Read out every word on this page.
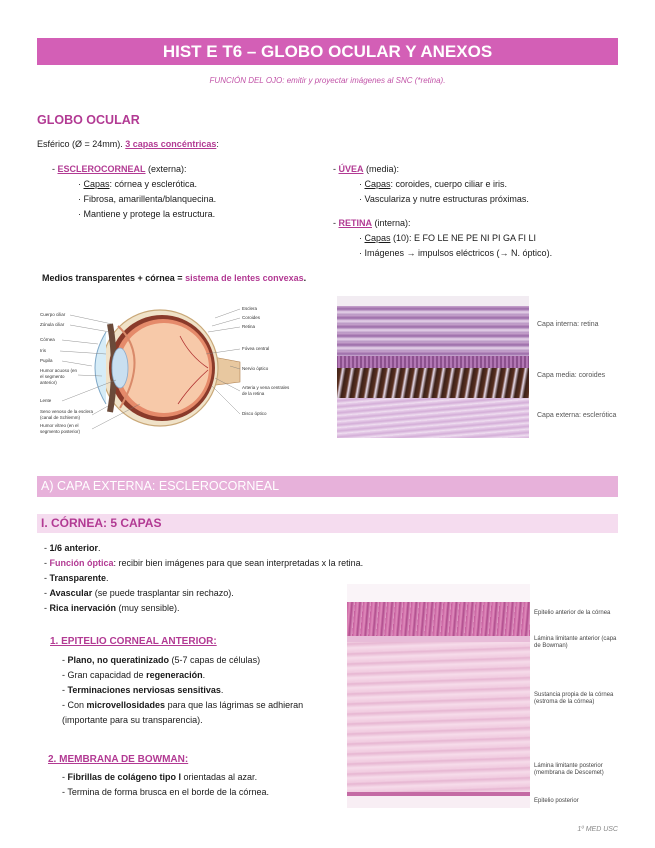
HIST E T6 – GLOBO OCULAR Y ANEXOS
FUNCIÓN DEL OJO: emitir y proyectar imágenes al SNC (*retina).
GLOBO OCULAR
Esférico (Ø = 24mm). 3 capas concéntricas:
- ESCLEROCORNEAL (externa):
· Capas: córnea y esclerótica.
· Fibrosa, amarillenta/blanquecina.
· Mantiene y protege la estructura.
- ÚVEA (media):
· Capas: coroides, cuerpo ciliar e iris.
· Vasculariza y nutre estructuras próximas.
- RETINA (interna):
· Capas (10): E FO LE NE PE NI PI GA FI LI
· Imágenes → impulsos eléctricos (→ N. óptico).
Medios transparentes + córnea = sistema de lentes convexas.
Cuerpo ciliar
Zónula ciliar
Córnea
Iris
Pupila
Humor acuoso (en el segmento anterior)
Lente
Seno venoso de la esclera (canal de Schlemm)
Humor vítreo (en el segmento posterior)
Esclera
Coroides
Retina
Fóvea central
Nervio óptico
Arteria y vena centrales de la retina
Disco óptico
Capa interna: retina
Capa media: coroides
Capa externa: esclerótica
A) CAPA EXTERNA: ESCLEROCORNEAL
I. CÓRNEA: 5 CAPAS
- 1/6 anterior.
- Función óptica: recibir bien imágenes para que sean interpretadas x la retina.
- Transparente.
- Avascular (se puede trasplantar sin rechazo).
- Rica inervación (muy sensible).
1. EPITELIO CORNEAL ANTERIOR:
- Plano, no queratinizado (5-7 capas de células)
- Gran capacidad de regeneración.
- Terminaciones nerviosas sensitivas.
- Con microvellosidades para que las lágrimas se adhieran
(importante para su transparencia).
2. MEMBRANA DE BOWMAN:
- Fibrillas de colágeno tipo I orientadas al azar.
- Termina de forma brusca en el borde de la córnea.
Epitelio anterior de la córnea
Lámina limitante anterior (capa de Bowman)
Sustancia propia de la córnea (estroma de la córnea)
Lámina limitante posterior (membrana de Descemet)
Epitelio posterior
1º MED USC
